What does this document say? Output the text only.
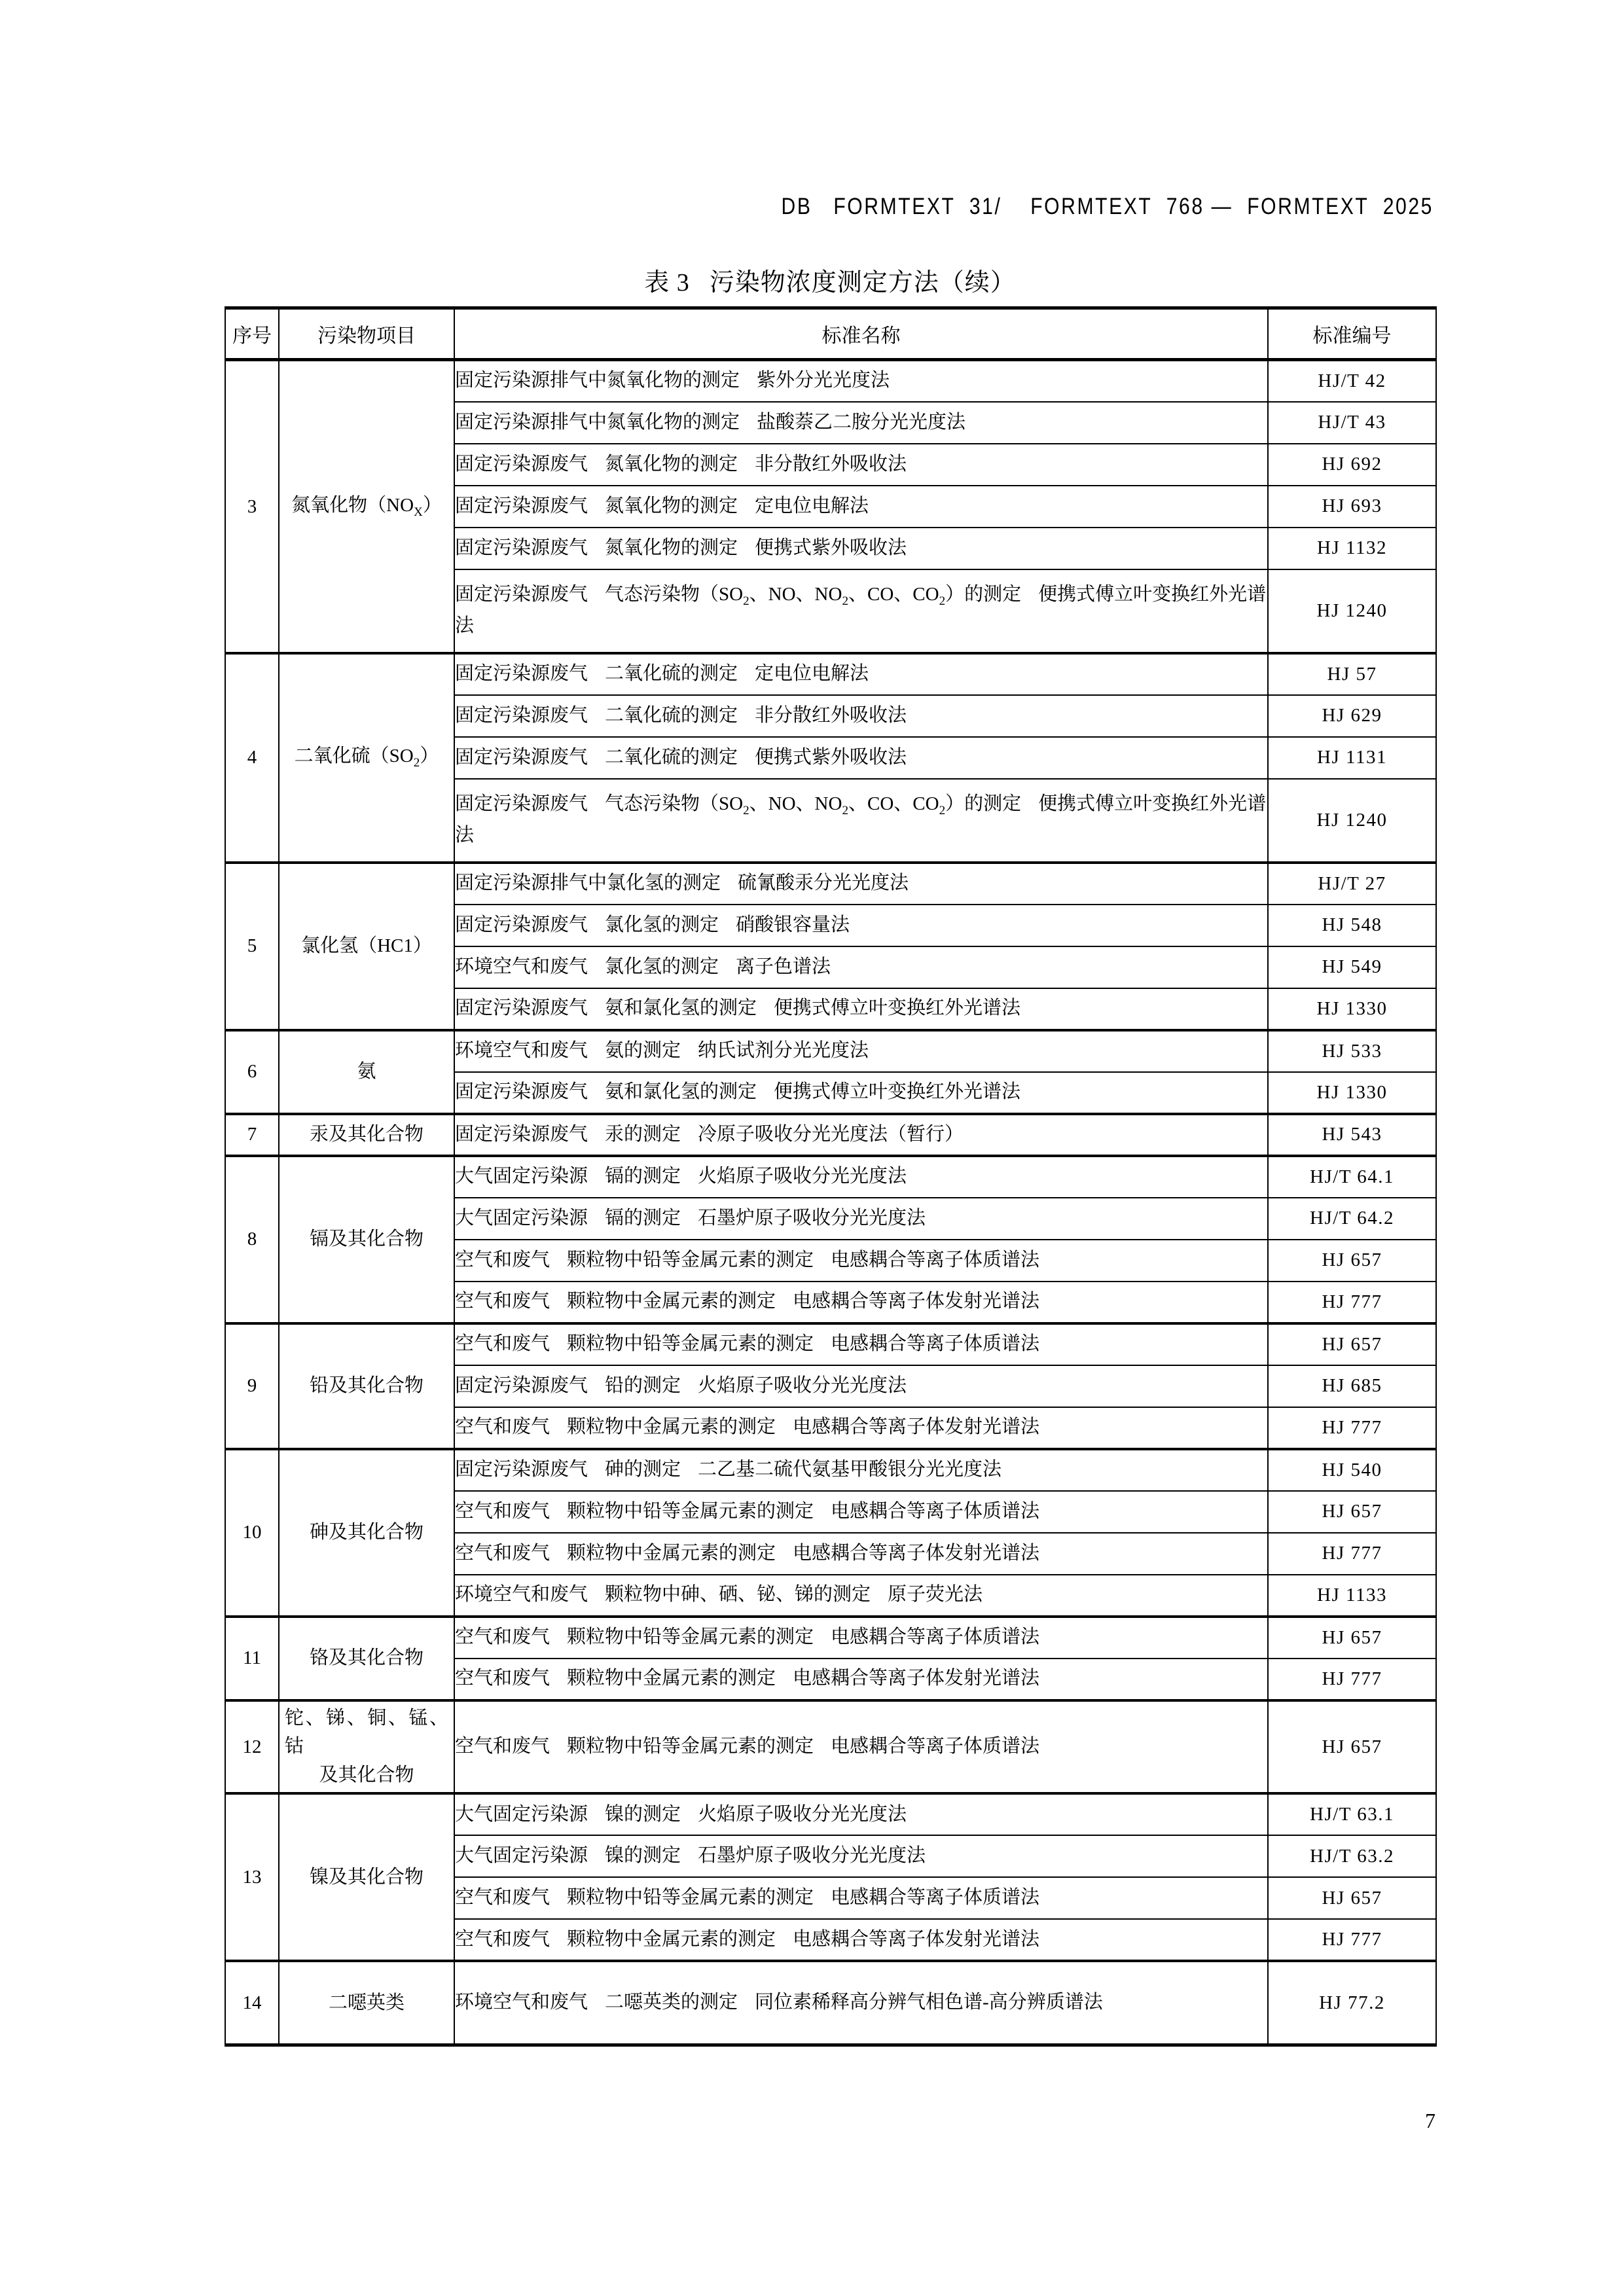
DB   FORMTEXT  31/    FORMTEXT  768 —  FORMTEXT  2025
表 3 污染物浓度测定方法（续）
序号	污染物项目	标准名称	标准编号
3	氮氧化物$(NO_X)$	固定污染源排气中氮氧化物的测定 紫外分光光度法	HJ/T 42
		固定污染源排气中氮氧化物的测定 盐酸萘乙二胺分光光度法	HJ/T 43
		固定污染源废气 氮氧化物的测定 非分散红外吸收法	HJ 692
		固定污染源废气 氮氧化物的测定 定电位电解法	HJ 693
		固定污染源废气 氮氧化物的测定 便携式紫外吸收法	HJ 1132
		固定污染源废气 气态污染物（$SO_2$、NO、$NO_2$、CO、$CO_2$）的测定 便携式傅立叶变换红外光谱法	HJ 1240
4	二氧化硫$(SO_2)$	固定污染源废气 二氧化硫的测定 定电位电解法	HJ 57
		固定污染源废气 二氧化硫的测定 非分散红外吸收法	HJ 629
		固定污染源废气 二氧化硫的测定 便携式紫外吸收法	HJ 1131
		固定污染源废气 气态污染物（$SO_2$、NO、$NO_2$、CO、$CO_2$）的测定 便携式傅立叶变换红外光谱法	HJ 1240
5	氯化氢（HC1）	固定污染源排气中氯化氢的测定 硫氰酸汞分光光度法	HJ/T 27
		固定污染源废气 氯化氢的测定 硝酸银容量法	HJ 548
		环境空气和废气 氯化氢的测定 离子色谱法	HJ 549
		固定污染源废气 氨和氯化氢的测定 便携式傅立叶变换红外光谱法	HJ 1330
6	氨	环境空气和废气 氨的测定 纳氏试剂分光光度法	HJ 533
		固定污染源废气 氨和氯化氢的测定 便携式傅立叶变换红外光谱法	HJ 1330
7	汞及其化合物	固定污染源废气 汞的测定 冷原子吸收分光光度法（暂行）	HJ 543
8	镉及其化合物	大气固定污染源 镉的测定 火焰原子吸收分光光度法	HJ/T 64.1
		大气固定污染源 镉的测定 石墨炉原子吸收分光光度法	HJ/T 64.2
		空气和废气 颗粒物中铅等金属元素的测定 电感耦合等离子体质谱法	HJ 657
		空气和废气 颗粒物中金属元素的测定 电感耦合等离子体发射光谱法	HJ 777
9	铅及其化合物	空气和废气 颗粒物中铅等金属元素的测定 电感耦合等离子体质谱法	HJ 657
		固定污染源废气 铅的测定 火焰原子吸收分光光度法	HJ 685
		空气和废气 颗粒物中金属元素的测定 电感耦合等离子体发射光谱法	HJ 777
10	砷及其化合物	固定污染源废气 砷的测定 二乙基二硫代氨基甲酸银分光光度法	HJ 540
		空气和废气 颗粒物中铅等金属元素的测定 电感耦合等离子体质谱法	HJ 657
		空气和废气 颗粒物中金属元素的测定 电感耦合等离子体发射光谱法	HJ 777
		环境空气和废气 颗粒物中砷、硒、铋、锑的测定 原子荧光法	HJ 1133
11	铬及其化合物	空气和废气 颗粒物中铅等金属元素的测定 电感耦合等离子体质谱法	HJ 657
		空气和废气 颗粒物中金属元素的测定 电感耦合等离子体发射光谱法	HJ 777
12	铊、锑、铜、锰、钴
及其化合物	空气和废气 颗粒物中铅等金属元素的测定 电感耦合等离子体质谱法	HJ 657
13	镍及其化合物	大气固定污染源 镍的测定 火焰原子吸收分光光度法	HJ/T 63.1
		大气固定污染源 镍的测定 石墨炉原子吸收分光光度法	HJ/T 63.2
		空气和废气 颗粒物中铅等金属元素的测定 电感耦合等离子体质谱法	HJ 657
		空气和废气 颗粒物中金属元素的测定 电感耦合等离子体发射光谱法	HJ 777
14	二噁英类	环境空气和废气 二噁英类的测定 同位素稀释高分辨气相色谱-高分辨质谱法	HJ 77.2
7
